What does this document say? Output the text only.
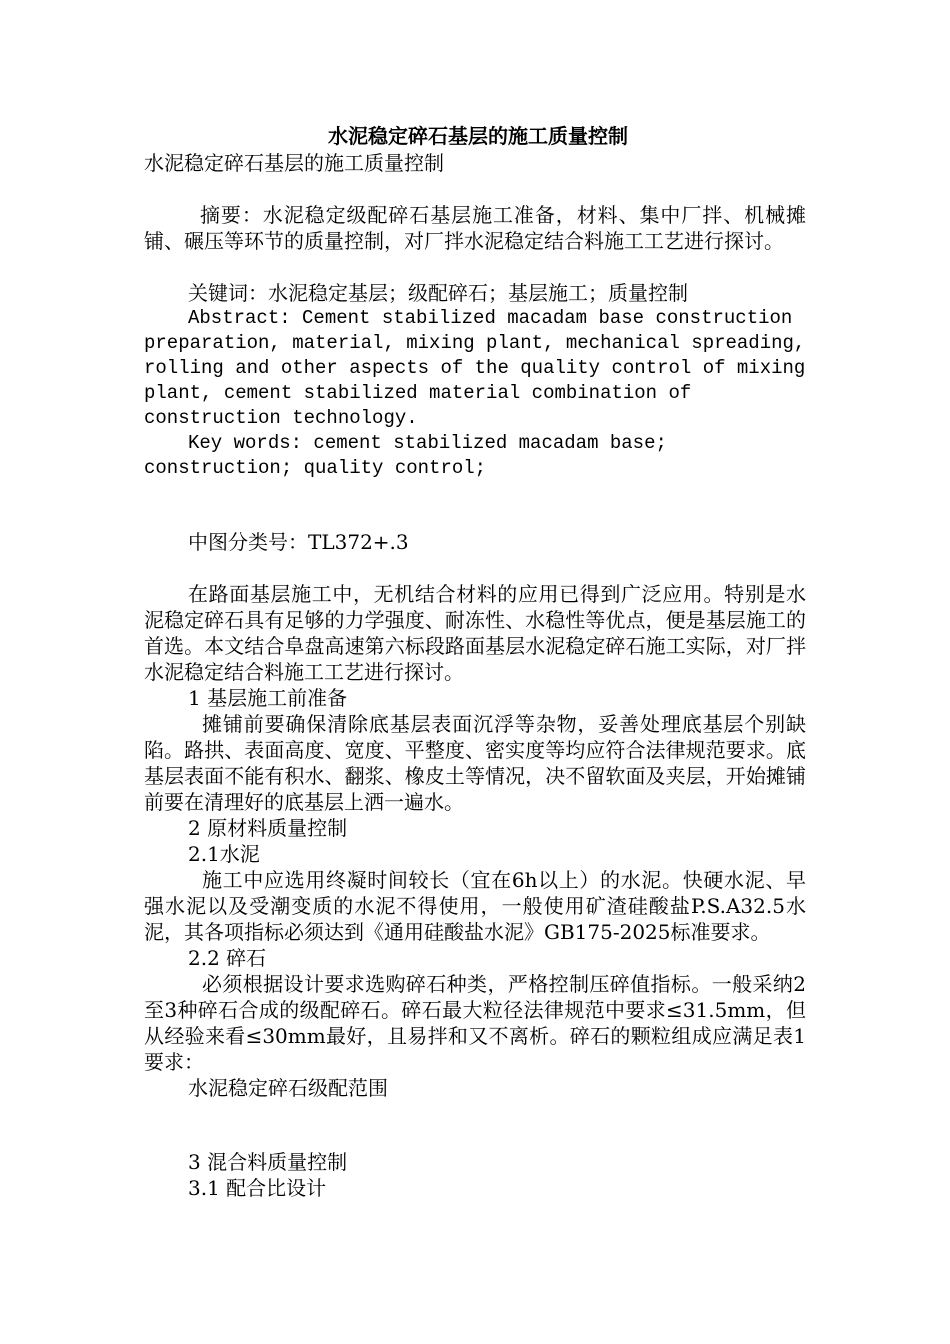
水泥稳定碎石基层的施工质量控制

水泥稳定碎石基层的施工质量控制

摘要：水泥稳定级配碎石基层施工准备，材料、集中厂拌、机械摊铺、碾压等环节的质量控制，对厂拌水泥稳定结合料施工工艺进行探讨。

关键词：水泥稳定基层；级配碎石；基层施工；质量控制

Abstract: Cement stabilized macadam base construction preparation, material, mixing plant, mechanical spreading, rolling and other aspects of the quality control of mixing plant, cement stabilized material combination of construction technology.

Key words: cement stabilized macadam base; construction; quality control;

中图分类号：TL372+.3

在路面基层施工中，无机结合材料的应用已得到广泛应用。特别是水泥稳定碎石具有足够的力学强度、耐冻性、水稳性等优点，便是基层施工的首选。本文结合阜盘高速第六标段路面基层水泥稳定碎石施工实际，对厂拌水泥稳定结合料施工工艺进行探讨。

1 基层施工前准备

摊铺前要确保清除底基层表面沉浮等杂物，妥善处理底基层个别缺陷。路拱、表面高度、宽度、平整度、密实度等均应符合法律规范要求。底基层表面不能有积水、翻浆、橡皮土等情况，决不留软面及夹层，开始摊铺前要在清理好的底基层上洒一遍水。

2 原材料质量控制

2.1水泥

施工中应选用终凝时间较长（宜在6h以上）的水泥。快硬水泥、早强水泥以及受潮变质的水泥不得使用，一般使用矿渣硅酸盐P.S.A32.5水泥，其各项指标必须达到《通用硅酸盐水泥》GB175-2025标准要求。

2.2 碎石

必须根据设计要求选购碎石种类，严格控制压碎值指标。一般采纳2至3种碎石合成的级配碎石。碎石最大粒径法律规范中要求≤31.5mm，但从经验来看≤30mm最好，且易拌和又不离析。碎石的颗粒组成应满足表1要求：

水泥稳定碎石级配范围

3 混合料质量控制

3.1 配合比设计
